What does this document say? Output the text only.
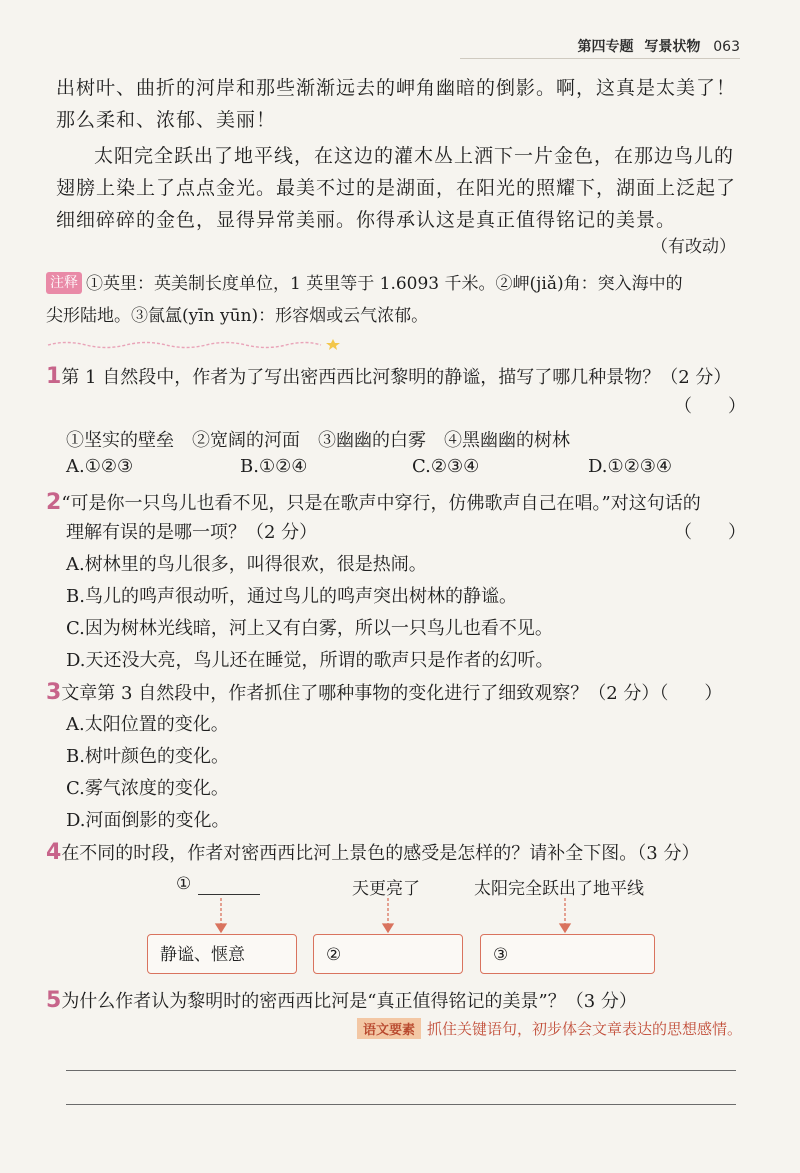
第四专题 写景状物 063
出树叶、曲折的河岸和那些渐渐远去的岬角幽暗的倒影。啊，这真是太美了！那么柔和、浓郁、美丽！
太阳完全跃出了地平线，在这边的灌木丛上洒下一片金色，在那边鸟儿的翅膀上染上了点点金光。最美不过的是湖面，在阳光的照耀下，湖面上泛起了细细碎碎的金色，显得异常美丽。你得承认这是真正值得铭记的美景。
（有改动）
注释 ①英里：英美制长度单位，1 英里等于 1.6093 千米。②岬(jiǎ)角：突入海中的
尖形陆地。③氤氲(yīn yūn)：形容烟或云气浓郁。
1第 1 自然段中，作者为了写出密西西比河黎明的静谧，描写了哪几种景物？（2 分）
（　　）
①坚实的壁垒　②宽阔的河面　③幽幽的白雾　④黑幽幽的树林
A.①②③	B.①②④	C.②③④	D.①②③④
2“可是你一只鸟儿也看不见，只是在歌声中穿行，仿佛歌声自己在唱。”对这句话的
理解有误的是哪一项？（2 分）	（　　）
A.树林里的鸟儿很多，叫得很欢，很是热闹。
B.鸟儿的鸣声很动听，通过鸟儿的鸣声突出树林的静谧。
C.因为树林光线暗，河上又有白雾，所以一只鸟儿也看不见。
D.天还没大亮，鸟儿还在睡觉，所谓的歌声只是作者的幻听。
3文章第 3 自然段中，作者抓住了哪种事物的变化进行了细致观察？（2 分）（　　）
A.太阳位置的变化。
B.树叶颜色的变化。
C.雾气浓度的变化。
D.河面倒影的变化。
4在不同的时段，作者对密西西比河上景色的感受是怎样的？请补全下图。（3 分）
①	天更亮了	太阳完全跃出了地平线
静谧、惬意	②	③
5为什么作者认为黎明时的密西西比河是“真正值得铭记的美景”？（3 分）
语文要素 抓住关键语句，初步体会文章表达的思想感情。
